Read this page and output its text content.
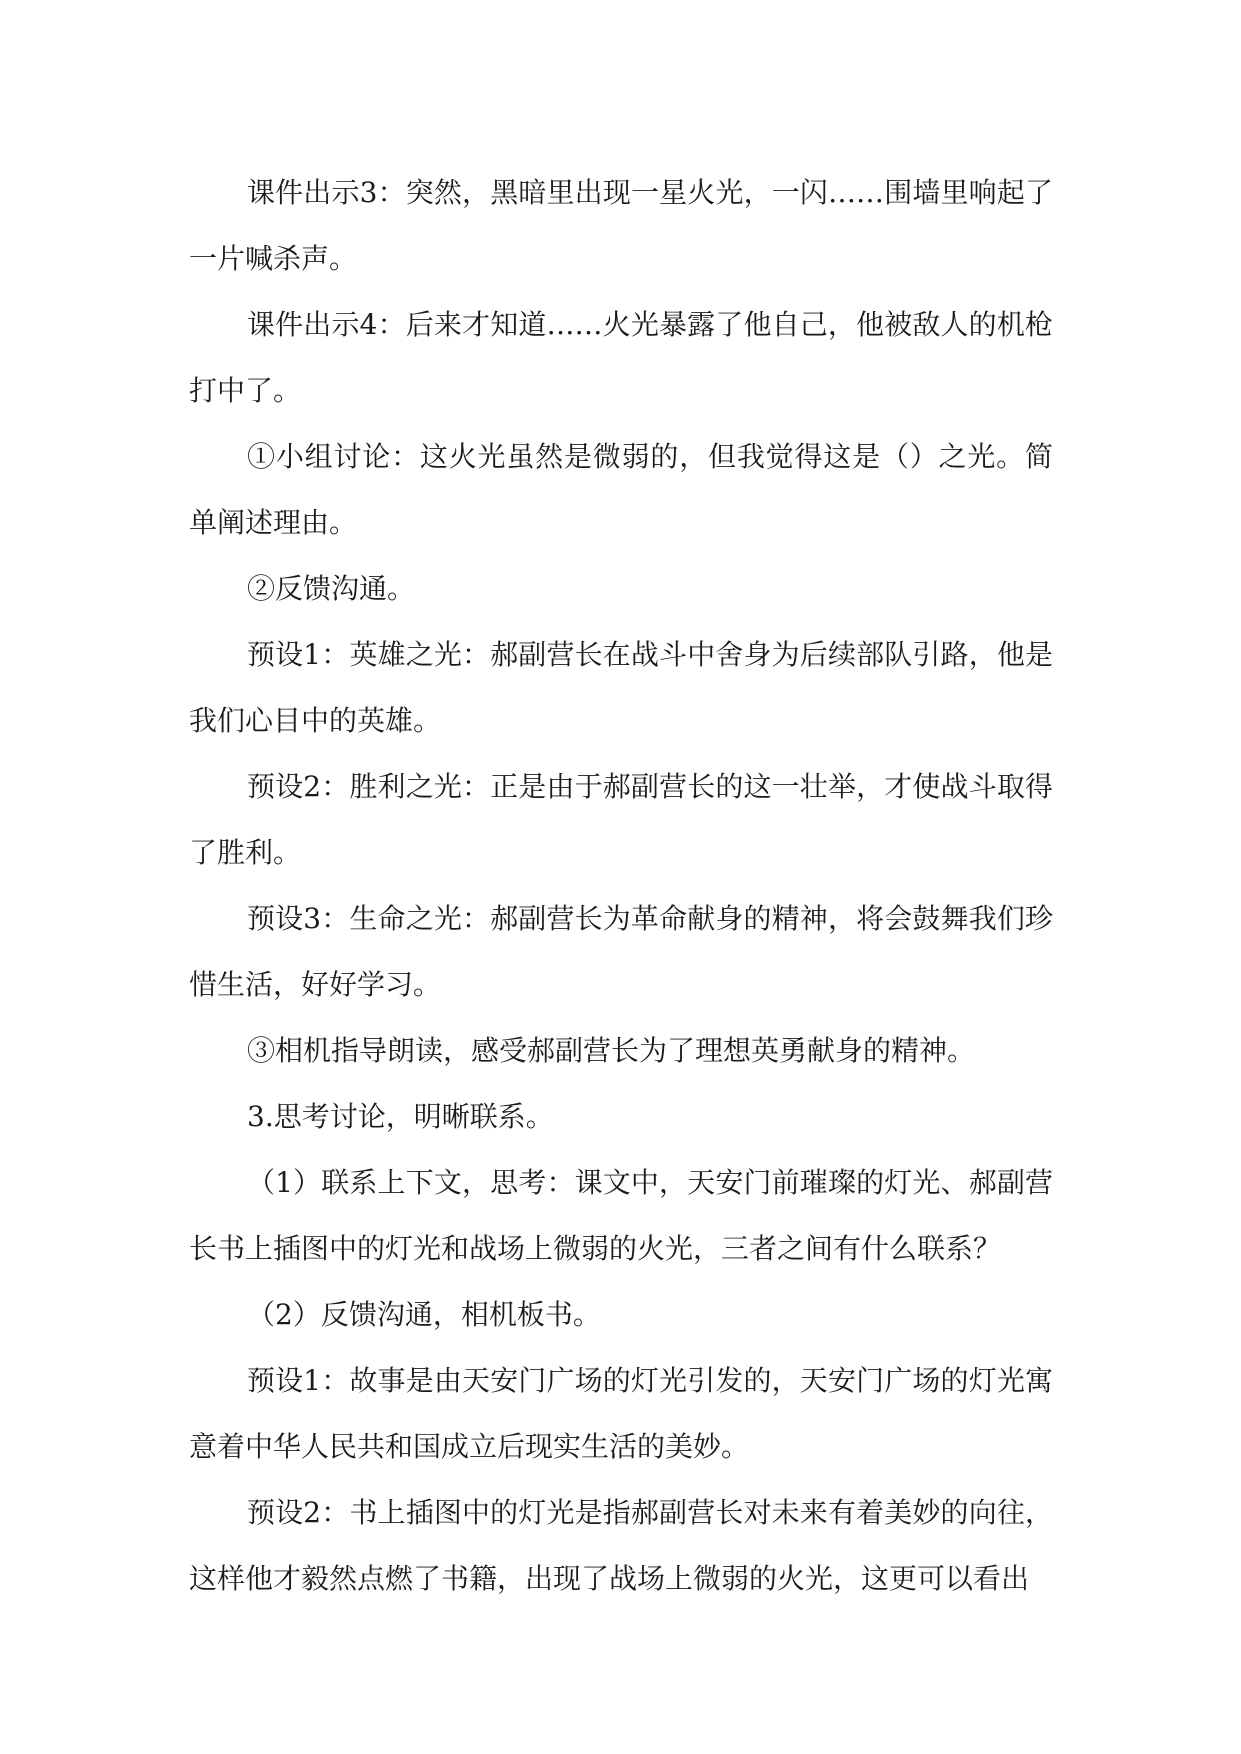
课件出示3：突然，黑暗里出现一星火光，一闪……围墙里响起了一片喊杀声。

课件出示4：后来才知道……火光暴露了他自己，他被敌人的机枪打中了。

①小组讨论：这火光虽然是微弱的，但我觉得这是（）之光。简单阐述理由。

②反馈沟通。

预设1：英雄之光：郝副营长在战斗中舍身为后续部队引路，他是我们心目中的英雄。

预设2：胜利之光：正是由于郝副营长的这一壮举，才使战斗取得了胜利。

预设3：生命之光：郝副营长为革命献身的精神，将会鼓舞我们珍惜生活，好好学习。

③相机指导朗读，感受郝副营长为了理想英勇献身的精神。

3.思考讨论，明晰联系。

（1）联系上下文，思考：课文中，天安门前璀璨的灯光、郝副营长书上插图中的灯光和战场上微弱的火光，三者之间有什么联系？

（2）反馈沟通，相机板书。

预设1：故事是由天安门广场的灯光引发的，天安门广场的灯光寓意着中华人民共和国成立后现实生活的美妙。

预设2：书上插图中的灯光是指郝副营长对未来有着美妙的向往，这样他才毅然点燃了书籍，出现了战场上微弱的火光，这更可以看出
